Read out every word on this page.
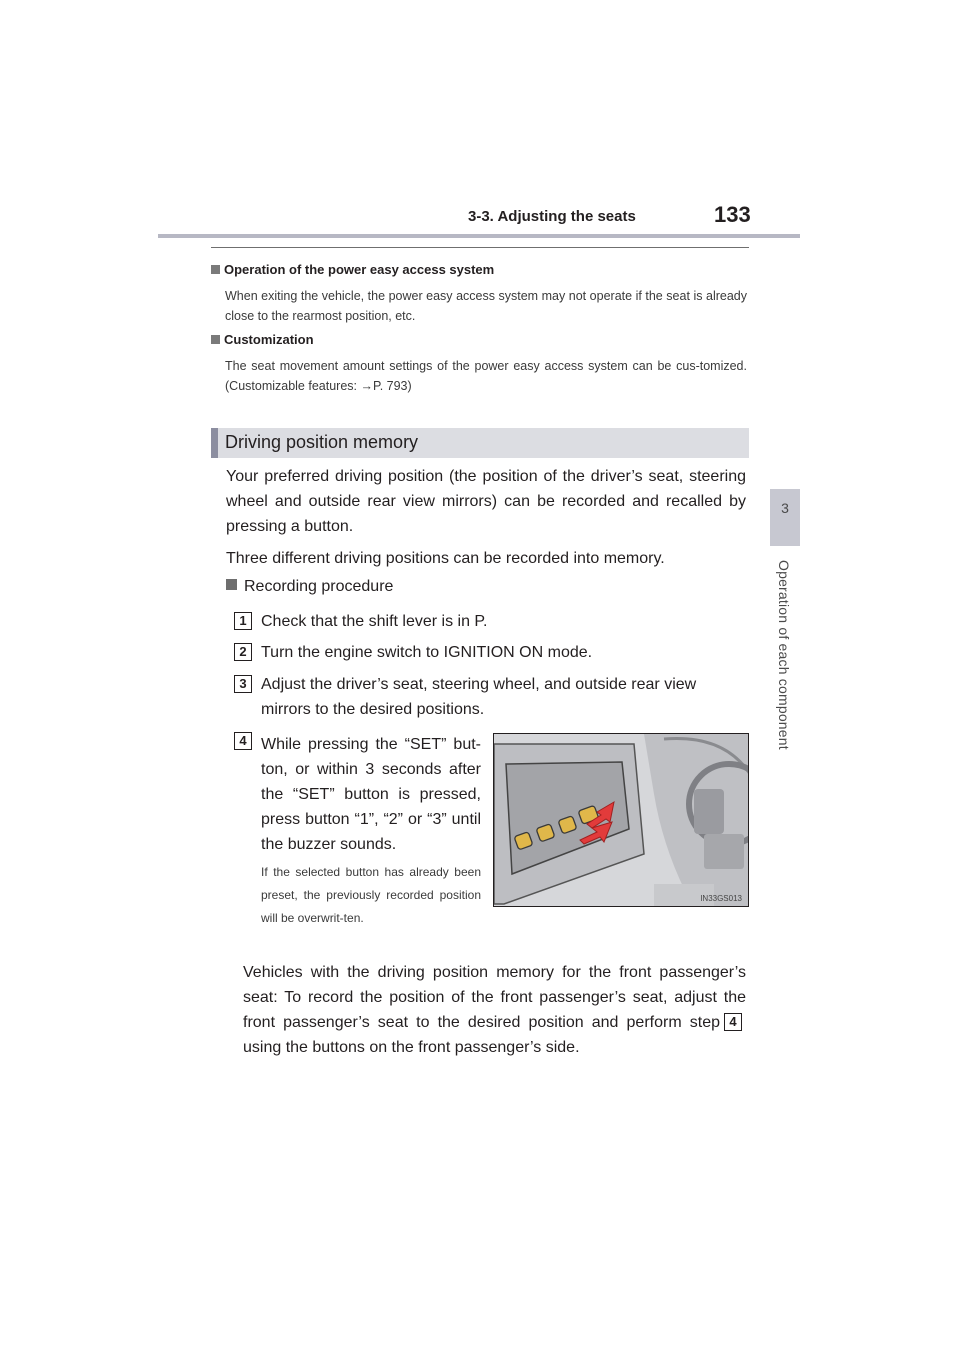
3-3. Adjusting the seats	133
3
Operation of each component
Operation of the power easy access system
When exiting the vehicle, the power easy access system may not operate if the seat is already close to the rearmost position, etc.
Customization
The seat movement amount settings of the power easy access system can be cus-tomized. (Customizable features: →P. 793)
Driving position memory
Your preferred driving position (the position of the driver’s seat, steering wheel and outside rear view mirrors) can be recorded and recalled by pressing a button.
Three different driving positions can be recorded into memory.
Recording procedure
1 Check that the shift lever is in P.
2 Turn the engine switch to IGNITION ON mode.
3 Adjust the driver’s seat, steering wheel, and outside rear view mirrors to the desired positions.
4 While pressing the “SET” but-ton, or within 3 seconds after the “SET” button is pressed, press button “1”, “2” or “3” until the buzzer sounds.
If the selected button has already been preset, the previously recorded position will be overwrit-ten.
IN33GS013
Vehicles with the driving position memory for the front passenger’s seat: To record the position of the front passenger’s seat, adjust the front passenger’s seat to the desired position and perform step 4using the buttons on the front passenger’s side.
